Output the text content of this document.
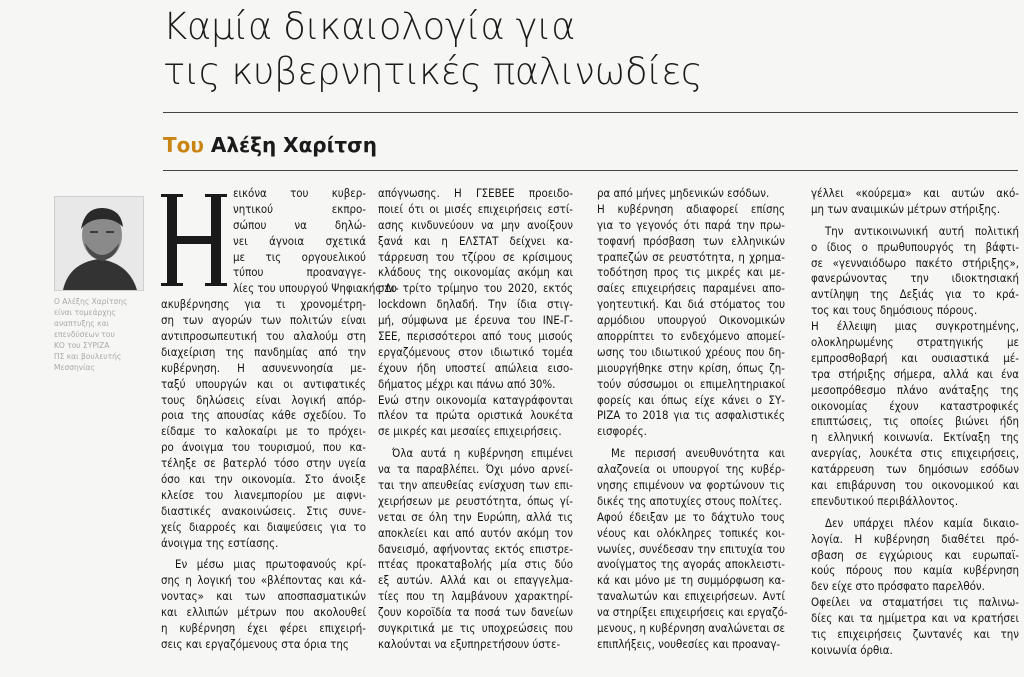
Καμία δικαιολογία για
τις κυβερνητικές παλινωδίες
Του Αλέξη Χαρίτση
Ο Αλέξης Χαρίτσης
είναι τομεάρχης
αναπτυξης και
επενδύσεων του
ΚΟ του ΣΥΡΙΖΑ
ΠΣ και βουλευτής
Μεσσηνίας
εικόνα του κυβερ-
νητικού εκπρο-
σώπου να δηλώ-
νει άγνοια σχετικά
με τις οργουελικού
τύπου προαναγγε-
λίες του υπουργού Ψηφιακής Δι-
ακυβέρνησης για τι χρονομέτρη-
ση των αγορών των πολιτών είναι
αντιπροσωπευτική του αλαλούμ στη
διαχείριση της πανδημίας από την
κυβέρνηση. Η ασυνεννοησία με-
ταξύ υπουργών και οι αντιφατικές
τους δηλώσεις είναι λογική απόρ-
ροια της απουσίας κάθε σχεδίου. Το
είδαμε το καλοκαίρι με το πρόχει-
ρο άνοιγμα του τουρισμού, που κα-
τέληξε σε βατερλό τόσο στην υγεία
όσο και την οικονομία. Στο άνοιξε
κλείσε του λιανεμπορίου με αιφνι-
διαστικές ανακοινώσεις. Στις συνε-
χείς διαρροές και διαψεύσεις για το
άνοιγμα της εστίασης.
Εν μέσω μιας πρωτοφανούς κρί-
σης η λογική του «βλέποντας και κά-
νοντας» και των αποσπασματικών
και ελλιπών μέτρων που ακολουθεί
η κυβέρνηση έχει φέρει επιχειρή-
σεις και εργαζόμενους στα όρια της
απόγνωσης. Η ΓΣΕΒΕΕ προειδο-
ποιεί ότι οι μισές επιχειρήσεις εστί-
ασης κινδυνεύουν να μην ανοίξουν
ξανά και η ΕΛΣΤΑΤ δείχνει κα-
τάρρευση του τζίρου σε κρίσιμους
κλάδους της οικονομίας ακόμη και
στο τρίτο τρίμηνο του 2020, εκτός
lockdown δηλαδή. Την ίδια στιγ-
μή, σύμφωνα με έρευνα του ΙΝΕ-Γ-
ΣΕΕ, περισσότεροι από τους μισούς
εργαζόμενους στον ιδιωτικό τομέα
έχουν ήδη υποστεί απώλεια εισο-
δήματος μέχρι και πάνω από 30%.
Ενώ στην οικονομία καταγράφονται
πλέον τα πρώτα οριστικά λουκέτα
σε μικρές και μεσαίες επιχειρήσεις.
Όλα αυτά η κυβέρνηση επιμένει
να τα παραβλέπει. Όχι μόνο αρνεί-
ται την απευθείας ενίσχυση των επι-
χειρήσεων με ρευστότητα, όπως γί-
νεται σε όλη την Ευρώπη, αλλά τις
αποκλείει και από αυτόν ακόμη τον
δανεισμό, αφήνοντας εκτός επιστρε-
πτέας προκαταβολής μία στις δύο
εξ αυτών. Αλλά και οι επαγγελμα-
τίες που τη λαμβάνουν χαρακτηρί-
ζουν κοροϊδία τα ποσά των δανείων
συγκριτικά με τις υποχρεώσεις που
καλούνται να εξυπηρετήσουν ύστε-
ρα από μήνες μηδενικών εσόδων.
Η κυβέρνηση αδιαφορεί επίσης
για το γεγονός ότι παρά την πρω-
τοφανή πρόσβαση των ελληνικών
τραπεζών σε ρευστότητα, η χρημα-
τοδότηση προς τις μικρές και με-
σαίες επιχειρήσεις παραμένει απο-
γοητευτική. Και διά στόματος του
αρμόδιου υπουργού Οικονομικών
απορρίπτει το ενδεχόμενο απομεί-
ωσης του ιδιωτικού χρέους που δη-
μιουργήθηκε στην κρίση, όπως ζη-
τούν σύσσωμοι οι επιμελητηριακοί
φορείς και όπως είχε κάνει ο ΣΥ-
ΡΙΖΑ το 2018 για τις ασφαλιστικές
εισφορές.
Με περισσή ανευθυνότητα και
αλαζονεία οι υπουργοί της κυβέρ-
νησης επιμένουν να φορτώνουν τις
δικές της αποτυχίες στους πολίτες.
Αφού έδειξαν με το δάχτυλο τους
νέους και ολόκληρες τοπικές κοι-
νωνίες, συνέδεσαν την επιτυχία του
ανοίγματος της αγοράς αποκλειστι-
κά και μόνο με τη συμμόρφωση κα-
ταναλωτών και επιχειρήσεων. Αντί
να στηρίξει επιχειρήσεις και εργαζό-
μενους, η κυβέρνηση αναλώνεται σε
επιπλήξεις, νουθεσίες και προαναγ-
γέλλει «κούρεμα» και αυτών ακό-
μη των αναιμικών μέτρων στήριξης.
Την αντικοινωνική αυτή πολιτική
ο ίδιος ο πρωθυπουργός τη βάφτι-
σε «γενναιόδωρο πακέτο στήριξης»,
φανερώνοντας την ιδιοκτησιακή
αντίληψη της Δεξιάς για το κρά-
τος και τους δημόσιους πόρους.
Η έλλειψη μιας συγκροτημένης,
ολοκληρωμένης στρατηγικής με
εμπροσθοβαρή και ουσιαστικά μέ-
τρα στήριξης σήμερα, αλλά και ένα
μεσοπρόθεσμο πλάνο ανάταξης της
οικονομίας έχουν καταστροφικές
επιπτώσεις, τις οποίες βιώνει ήδη
η ελληνική κοινωνία. Εκτίναξη της
ανεργίας, λουκέτα στις επιχειρήσεις,
κατάρρευση των δημόσιων εσόδων
και επιβάρυνση του οικονομικού και
επενδυτικού περιβάλλοντος.
Δεν υπάρχει πλέον καμία δικαιο-
λογία. Η κυβέρνηση διαθέτει πρό-
σβαση σε εγχώριους και ευρωπαϊ-
κούς πόρους που καμία κυβέρνηση
δεν είχε στο πρόσφατο παρελθόν.
Οφείλει να σταματήσει τις παλινω-
δίες και τα ημίμετρα και να κρατήσει
τις επιχειρήσεις ζωντανές και την
κοινωνία όρθια.
